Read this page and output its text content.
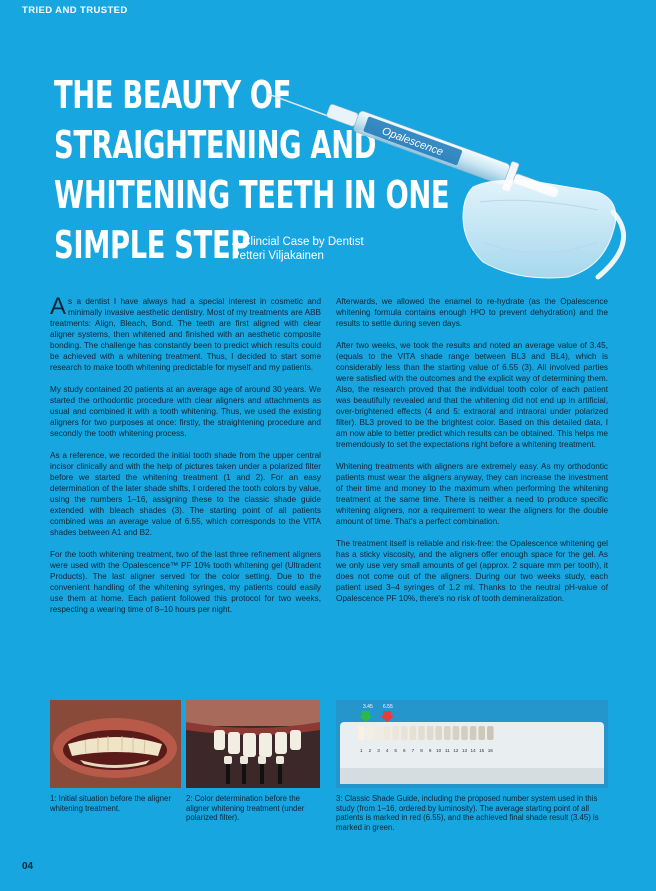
TRIED AND TRUSTED
THE BEAUTY OF
STRAIGHTENING AND
WHITENING TEETH IN ONE
SIMPLE STEP
A Clincial Case by Dentist
Petteri Viljakainen
Opalescence

As a dentist I have always had a special interest in cosmetic and minimally invasive aesthetic dentistry. Most of my treatments are ABB treatments: Align, Bleach, Bond. The teeth are first aligned with clear aligner systems, then whitened and finished with an aesthetic composite bonding. The challenge has constantly been to predict which results could be achieved with a whitening treatment. Thus, I decided to start some research to make tooth whitening predictable for myself and my patients.

My study contained 20 patients at an average age of around 30 years. We started the orthodontic procedure with clear aligners and attachments as usual and combined it with a tooth whitening. Thus, we used the existing aligners for two purposes at once: firstly, the straightening procedure and secondly the tooth whitening process.

As a reference, we recorded the initial tooth shade from the upper central incisor clinically and with the help of pictures taken under a polarized filter before we started the whitening treatment (1 and 2). For an easy determination of the later shade shifts, I ordered the tooth colors by value, using the numbers 1–16, assigning these to the classic shade guide extended with bleach shades (3). The starting point of all patients combined was an average value of 6.55, which corresponds to the VITA shades between A1 and B2.

For the tooth whitening treatment, two of the last three refinement aligners were used with the Opalescence™ PF 10% tooth whitening gel (Ultradent Products). The last aligner served for the color setting. Due to the convenient handling of the whitening syringes, my patients could easily use them at home. Each patient followed this protocol for two weeks, respecting a wearing time of 8–10 hours per night.

Afterwards, we allowed the enamel to re-hydrate (as the Opalescence whitening formula contains enough H²O to prevent dehydration) and the results to settle during seven days.

After two weeks, we took the results and noted an average value of 3.45, (equals to the VITA shade range between BL3 and BL4), which is considerably less than the starting value of 6.55 (3). All involved parties were satisfied with the outcomes and the explicit way of determining them. Also, the research proved that the individual tooth color of each patient was beautifully revealed and that the whitening did not end up in artificial, over-brightened effects (4 and 5: extraoral and intraoral under polarized filter). BL3 proved to be the brightest color. Based on this detailed data, I am now able to better predict which results can be obtained. This helps me tremendously to set the expectations right before a whitening treatment.

Whitening treatments with aligners are extremely easy. As my orthodontic patients must wear the aligners anyway, they can increase the investment of their time and money to the maximum when performing the whitening treatment at the same time. There is neither a need to produce specific whitening aligners, nor a requirement to wear the aligners for the double amount of time. That's a perfect combination.

The treatment itself is reliable and risk-free: the Opalescence whitening gel has a sticky viscosity, and the aligners offer enough space for the gel. As we only use very small amounts of gel (approx. 2 square mm per tooth), it does not come out of the aligners. During our two weeks study, each patient used 3–4 syringes of 1.2 ml. Thanks to the neutral pH-value of Opalescence PF 10%, there's no risk of tooth demineralization.

3.45 6.55
1 2 3 4 5 6 7 8 9 10 11 12 13 14 15 16
1: Initial situation before the aligner whitening treatment.
2: Color determination before the aligner whitening treatment (under polarized filter).
3: Classic Shade Guide, including the proposed number system used in this study (from 1–16, ordered by luminosity). The average starting point of all patients is marked in red (6.55), and the achieved final shade result (3.45) is marked in green.
04
